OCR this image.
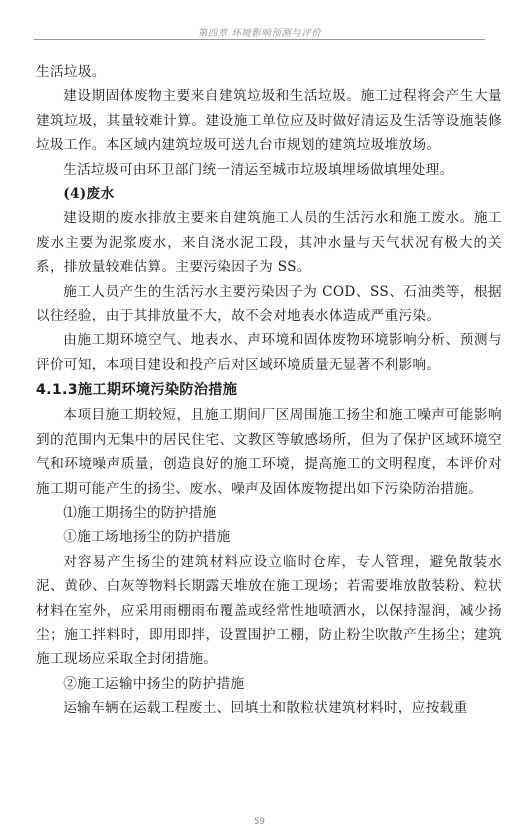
第四章 环境影响预测与评价

生活垃圾。

建设期固体废物主要来自建筑垃圾和生活垃圾。施工过程将会产生大量建筑垃圾，其量较难计算。建设施工单位应及时做好清运及生活等设施装修垃圾工作。本区域内建筑垃圾可送九台市规划的建筑垃圾堆放场。

生活垃圾可由环卫部门统一清运至城市垃圾填埋场做填埋处理。

(4)废水

建设期的废水排放主要来自建筑施工人员的生活污水和施工废水。施工废水主要为泥浆废水，来自浇水泥工段，其冲水量与天气状况有极大的关系，排放量较难估算。主要污染因子为 SS。

施工人员产生的生活污水主要污染因子为 COD、SS、石油类等，根据以往经验，由于其排放量不大，故不会对地表水体造成严重污染。

由施工期环境空气、地表水、声环境和固体废物环境影响分析、预测与评价可知，本项目建设和投产后对区域环境质量无显著不利影响。

4.1.3施工期环境污染防治措施

本项目施工期较短，且施工期间厂区周围施工扬尘和施工噪声可能影响到的范围内无集中的居民住宅、文教区等敏感场所，但为了保护区域环境空气和环境噪声质量，创造良好的施工环境，提高施工的文明程度，本评价对施工期可能产生的扬尘、废水、噪声及固体废物提出如下污染防治措施。

⑴施工期扬尘的防护措施

①施工场地扬尘的防护措施

对容易产生扬尘的建筑材料应设立临时仓库，专人管理，避免散装水泥、黄砂、白灰等物料长期露天堆放在施工现场；若需要堆放散装粉、粒状材料在室外，应采用雨棚雨布覆盖或经常性地喷洒水，以保持湿润，减少扬尘；施工拌料时，即用即拌，设置围护工棚，防止粉尘吹散产生扬尘；建筑施工现场应采取全封闭措施。

②施工运输中扬尘的防护措施

运输车辆在运载工程废土、回填土和散粒状建筑材料时，应按载重

59
